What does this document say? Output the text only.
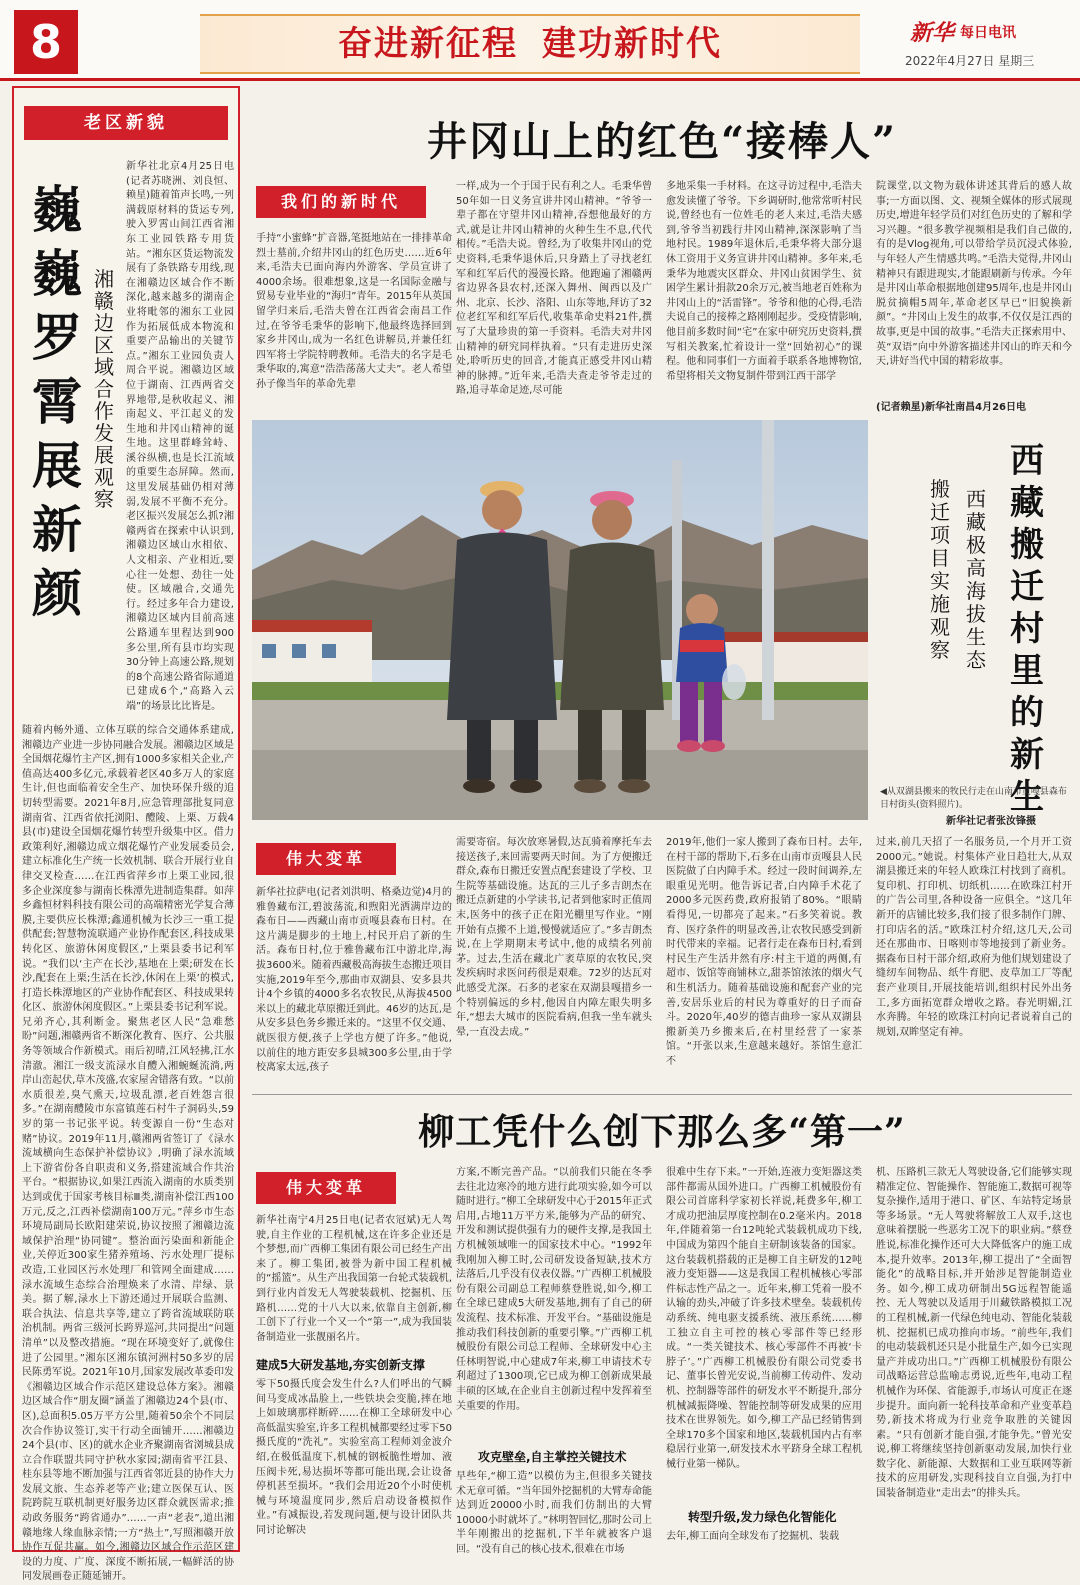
8	奋进新征程 建功新时代	新华 每日电讯
2022年4月27日 星期三
老区新貌
巍巍罗霄展新颜
湘赣边区域合作发展观察
新华社北京4月25日电(记者苏晓洲、刘良恒、赖星)随着笛声长鸣,一列满载原材料的货运专列,驶入罗霄山间江西省湘东工业园铁路专用货站。“湘东区货运物流发展有了条铁路专用线,现在湘赣边区域合作不断深化,越来越多的湖南企业将毗邻的湘东工业园作为拓展低成本物流和重要产品输出的关键节点。”湘东工业园负责人周合平说。湘赣边区域位于湖南、江西两省交界地带,是秋收起义、湘南起义、平江起义的发生地和井冈山精神的诞生地。这里群峰耸峙、溪谷纵横,也是长江流域的重要生态屏障。然而,这里发展基础仍相对薄弱,发展不平衡不充分。老区振兴发展怎么抓?湘赣两省在探索中认识到,湘赣边区域山水相依、人文相亲、产业相近,要心往一处想、劲往一处使。区域融合,交通先行。经过多年合力建设,湘赣边区域内目前高速公路通车里程达到900多公里,所有县市均实现30分钟上高速公路,规划的8个高速公路省际通道已建成6个,“高路入云端”的场景比比皆是。
随着内畅外通、立体互联的综合交通体系建成,湘赣边产业进一步协同融合发展。湘赣边区域是全国烟花爆竹主产区,拥有1000多家相关企业,产值高达400多亿元,承载着老区40多万人的家庭生计,但也面临着安全生产、加快环保升级的追切转型需要。2021年8月,应急管理部批复同意湖南省、江西省依托浏阳、醴陵、上栗、万载4县(市)建设全国烟花爆竹转型升级集中区。借力政策利好,湘赣边成立烟花爆竹产业发展委员会,建立标准化生产统一长效机制、联合开展行业自律交叉检查……在江西省萍乡市上栗工业园,很多企业深度参与湖南长株潭先进制造集群。如萍乡鑫恒材料科技有限公司的高端精密光学复合薄膜,主要供应长株潭;鑫通机械为长沙三一重工提供配套;智慧物流联通产业协作配套区,科技成果转化区、旅游休闲度假区,“上栗县委书记利军说。“我们以‘主产在长沙,基地在上栗;研发在长沙,配套在上栗;生活在长沙,休闲在上栗’的模式,打造长株潭地区的产业协作配套区、科技成果转化区、旅游休闲度假区。”上栗县委书记利军说。兄弟齐心,其利断金。聚焦老区人民“急难愁盼”问题,湘赣两省不断深化教育、医疗、公共服务等领域合作新模式。雨后初晴,江风轻拂,江水清澈。湘江一级支流渌水自醴入湘蜿蜒流淌,两岸山峦起伏,草木茂盛,农家屋舍错落有致。“以前水质很差,臭气熏天,垃圾乱漂,老百姓怨言很多。”在湖南醴陵市东富镇莲石村牛子洞码头,59岁的第一书记张平说。转变源自一份“生态对赌”协议。2019年11月,赣湘两省签订了《渌水流域横向生态保护补偿协议》,明确了渌水流域上下游省份各自职责和义务,搭建流域合作共治平台。“根据协议,如果江西流入湖南的水质类别达到或优于国家考核目标Ⅲ类,湖南补偿江西100万元,反之,江西补偿湖南100万元。”萍乡市生态环境局副局长欧阳建荣说,协议按照了湘赣边流域保护治理“协同键”。整治面污染面和新能企业,关停近300家生猪养殖场、污水处理厂提标改造,工业园区污水处理厂和管网全面建成……渌水流域生态综合治理焕来了水清、岸绿、景美。据了解,渌水上下游还通过开展联合监测、联合执法、信息共享等,建立了跨省流域联防联治机制。两省三级河长跨界巡河,共同提出“问题清单”以及整改措施。“现在环境变好了,就像住进了公园里。”湘东区湘东镇河洲村50多岁的居民陈勇军说。2021年10月,国家发展改革委印发《湘赣边区域合作示范区建设总体方案》。湘赣边区域合作“朋友圈”涵盖了湘赣边24个县(市、区),总面积5.05万平方公里,随着50余个不同层次合作协议签订,实干行动全面铺开……湘赣边24个县(市、区)的就水企业齐聚湖南省浏城县成立合作联盟共同守护秋水家园;湖南省平江县、桂东县等地不断加强与江西省邻近县的协作大力发展文旅、生态养老等产业;建立医保互认、医院跨院互联机制更好服务边区群众就医需求;推动政务服务“跨省通办”……一声“老表”,道出湘赣地缘人缘血脉亲情;一方“热土”,写照湘赣开放协作互促共赢。如今,湘赣边区域合作示范区建设的力度、广度、深度不断拓展,一幅鲜活的协同发展画卷正随延铺开。
井冈山上的红色“接棒人”
我们的新时代
手持“小蜜蜂”扩音器,笔挺地站在一排排革命烈士墓前,介绍井冈山的红色历史……近6年来,毛浩夫已面向海内外游客、学员宣讲了4000余场。很难想象,这是一名国际金融与贸易专业毕业的“海归”青年。2015年从英国留学归来后,毛浩夫曾在江西省会南昌工作过,在爷爷毛秉华的影响下,他最终选择回到家乡井冈山,成为一名红色讲解员,并兼任红四军将士学院特聘教师。毛浩夫的名字是毛秉华取的,寓意“浩浩荡荡大丈夫”。老人希望孙子像当年的革命先辈
一样,成为一个于国于民有利之人。毛秉华曾50年如一日义务宣讲井冈山精神。“爷爷一辈子都在守望井冈山精神,吞想他最好的方式,就是让井冈山精神的火种生生不息,代代相传。”毛浩夫说。曾经,为了收集井冈山的党史资料,毛秉华退休后,只身踏上了寻找老红军和红军后代的漫漫长路。他跑遍了湘赣两省边界各县农村,还深入舞州、闽西以及广州、北京、长沙、洛阳、山东等地,拜访了32位老红军和红军后代,收集革命史料21件,撰写了大量珍贵的第一手资料。毛浩夫对井冈山精神的研究同样执着。“只有走进历史深处,聆听历史的回音,才能真正感受井冈山精神的脉搏。”近年来,毛浩夫查走爷爷走过的路,追寻革命足迹,尽可能
多地采集一手材料。在这寻访过程中,毛浩夫愈发读懂了爷爷。下乡调研时,他常常听村民说,曾经也有一位姓毛的老人来过,毛浩夫感到,爷爷当初践行井冈山精神,深深影响了当地村民。1989年退休后,毛秉华将大部分退休工资用于义务宣讲井冈山精神。多年来,毛秉华为地震灾区群众、井冈山贫困学生、贫困学生累计捐款20余万元,被当地老百姓称为井冈山上的“活雷锋”。爷爷和他的心得,毛浩夫说自己的接棒之路刚刚起步。受疫情影响,他目前多数时间“宅”在家中研究历史资料,撰写相关教案,忙着设计一堂“回始初心”的课程。他和同事们一方面着手联系各地博物馆,希望将相关文物复制件带到江西干部学
院课堂,以文物为载体讲述其背后的感人故事;一方面以图、文、视频全媒体的形式展现历史,增进年轻学员们对红色历史的了解和学习兴趣。“很多教学视频相是我们自己做的,有的是Vlog视角,可以带给学员沉浸式体验,与年轻人产生情感共鸣。”毛浩夫觉得,井冈山精神只有跟进现实,才能跟刷新与传承。今年是井冈山革命根据地创建95周年,也是井冈山脱贫摘帽5周年,革命老区早已“旧貌换新颜”。“井冈山上发生的故事,不仅仅是江西的故事,更是中国的故事。”毛浩夫正探索用中、英“双语”向中外游客描述井冈山的昨天和今天,讲好当代中国的精彩故事。
(记者赖星)新华社南昌4月26日电
西藏搬迁村里的新生
西藏极高海拔生态
搬迁项目实施观察
◀从双湖县搬来的牧民行走在山南市贡嘎县森布日村街头(资料照片)。
新华社记者张汝锋摄
伟大变革
新华社拉萨电(记者刘洪明、格桑边觉)4月的雅鲁藏布江,碧波荡流,和煦阳光洒满岸边的森布日——西藏山南市贡嘎县森布日村。在这片满是脚步的土地上,村民开启了新的生活。森布日村,位于雅鲁藏布江中游北岸,海拔3600米。随着西藏极高海拔生态搬迁项目实施,2019年至今,那曲市双湖县、安多县共计4个乡镇的4000多名农牧民,从海拔4500米以上的藏北草原搬迁到此。46岁的达瓦,是从安多县色务乡搬迁来的。“这里不仅交通、就医很方便,孩子上学也方便了许多。”他说,以前住的地方距安多县城300多公里,由于学校离家太远,孩子
需要寄宿。每次放寒暑假,达瓦骑着摩托车去接送孩子,来回需要两天时间。为了方便搬迁群众,森布日搬迁安置点配套建设了学校、卫生院等基础设施。达瓦的三儿子多吉朗杰在搬迁点新建的小学读书,记者到他家时正值周末,医务中的孩子正在阳光棚里写作业。“刚开始有点搬不上道,慢慢就适应了。”多吉朗杰说,在上学期期末考试中,他的成绩名列前茅。过去,生活在藏北广袤草原的农牧民,突发疾病时求医问药很是艰难。72岁的达瓦对此感受尤深。石多的老家在双湖县嘎措乡一个特别偏远的乡村,他因自内障左眼失明多年,“想去大城市的医院看病,但我一坐车就头晕,一直没去成。”
2019年,他们一家人搬到了森布日村。去年,在村干部的帮助下,石多在山南市贡嘎县人民医院做了白内障手术。经过一段时间调养,左眼重见光明。他告诉记者,白内障手术花了2000多元医药费,政府报销了80%。“眼睛看得见,一切都亮了起来。”石多笑着说。教育、医疗条件的明显改善,让农牧民感受到新时代带来的幸福。记者行走在森布日村,看到村民生产生活井然有序:村主干道的两侧,有超市、饭馆等商铺林立,甜茶馆浓浓的烟火气和生机活力。随着基础设施和配套产业的完善,安居乐业后的村民为尊重好的日子而奋斗。2020年,40岁的德吉曲珍一家从双湖县搬新美乃乡搬来后,在村里经营了一家茶馆。“开张以来,生意越来越好。茶馆生意汇不
过来,前几天招了一名服务员,一个月开工资2000元。”她说。村集体产业日趋壮大,从双湖县搬迁来的年轻人欧珠江村找到了商机。复印机、打印机、切纸机……在欧珠江村开的广告公司里,各种设备一应俱全。“这几年新开的店铺比较多,我们接了很多制作门牌、打印店名的活。”欧珠江村介绍,这几天,公司还在那曲市、日喀则市等地接到了新业务。据森布日村干部介绍,政府为他们规划建设了缝纫车间物品、纸牛育肥、皮草加工厂等配套产业项目,开展技能培训,组织村民外出务工,多方面拓宽群众增收之路。春光明媚,江水奔腾。年轻的欧珠江村向记者说着自己的规划,双眸坚定有神。
柳工凭什么创下那么多“第一”
伟大变革
新华社南宁4月25日电(记者农冠斌)无人驾驶,自主作业的工程机械,这在许多企业还是个梦想,而广西柳工集团有限公司已经生产出来了。柳工集团,被誉为新中国工程机械的“摇篮”。从生产出我国第一台轮式装载机,到行业内首发无人驾驶装载机、挖掘机、压路机……党的十八大以来,依靠自主创新,柳工创下了行业一个又一个“第一”,成为我国装备制造业一张靓丽名片。
建成5大研发基地,夯实创新支撑
零下50摄氏度会发生什么?人们呼出的气瞬间马变成冰晶脸上,一些铁块会变脆,摔在地上如玻璃那样断碎……在柳工全球研发中心高低温实验室,许多工程机械都要经过零下50摄氏度的“洗礼”。实验室高工程师刘金波介绍,在极低温度下,机械的钢板脆性增加、液压阀卡死,易达损坏等都可能出现,会让设备停机甚至损坏。“我们会用近20个小时使机械与环境温度同步,然后启动设备模拟作业。”有减振设,若发现问题,便与设计团队共同讨论解决
方案,不断完善产品。“以前我们只能在冬季去往北边寒冷的地方进行此项实验,如今可以随时进行。”柳工全球研发中心于2015年正式启用,占地11万平方米,能够为产品的研究、开发和测试提供强有力的硬件支撑,是我国土方机械领域唯一的国家技术中心。“1992年我刚加入柳工时,公司研发设备短缺,技术方法落后,几乎没有仪表仪器。”广西柳工机械股份有限公司副总工程师蔡登胜说,如今,柳工在全球已建成5大研发基地,拥有了自己的研发流程、技术标准、开发平台。“基础设施是推动我们科技创新的重要引擎。”广西柳工机械股份有限公司总工程师、全球研发中心主任林明智说,中心建成7年来,柳工申请技术专利超过了1300项,它已成为柳工创新成果最丰硕的区域,在企业自主创新过程中发挥着至关重要的作用。
攻克壁垒,自主掌控关键技术
早些年,“柳工造”以模仿为主,但很多关键技术无章可循。“当年国外挖掘机的大臂寿命能达到近20000小时,而我们仿制出的大臂10000小时就坏了。”林明智回忆,那时公司上半年刚搬出的挖掘机,下半年就被客户退回。“没有自己的核心技术,很难在市场
很难中生存下来。”一开始,连液力变矩器这类部件都需从国外进口。广西柳工机械股份有限公司首席科学家初长祥说,耗费多年,柳工才成功把油层厚度控制在0.2毫米内。2018年,伴随着第一台12吨轮式装载机成功下线,中国成为第四个能自主研制该装备的国家。这台装载机搭载的正是柳工自主研发的12吨液力变矩器——这是我国工程机械核心零部件标志性产品之一。近年来,柳工凭着一股不认输的劲头,冲破了许多技术壁垒。装载机传动系统、纯电驱支援系统、液压系统……柳工独立自主可控的核心零部件等已经形成。“一类关键技术、核心零部件不再被‘卡脖子’。”广西柳工机械股份有限公司党委书记、董事长曾光安说,当前柳工传动件、发动机、控制器等部件的研发水平不断提升,部分机械减振降噪、智能控制等研发成果的应用技术在世界领先。如今,柳工产品已经销售到全球170多个国家和地区,装载机国内占有率稳居行业第一,研发技术水平跻身全球工程机械行业第一梯队。
转型升级,发力绿色化智能化
去年,柳工面向全球发布了挖掘机、装载
机、压路机三款无人驾驶设备,它们能够实现精准定位、智能操作、智能施工,数据可视等复杂操作,适用于港口、矿区、车站特定场景等多场景。“无人驾驶将解放工人双手,这也意味着摆脱一些恶劣工况下的职业病。”蔡登胜说,标准化操作还可大大降低客户的施工成本,提升效率。2013年,柳工提出了“全面智能化”的战略目标,并开始涉足智能制造业务。如今,柳工成功研制出5G远程智能遥控、无人驾驶以及适用于川藏铁路模拟工况的工程机械,新一代绿色纯电动、智能化装载机、挖掘机已成功推向市场。“前些年,我们的电动装载机还只是小批量生产,如今已实现量产并成功出口。”广西柳工机械股份有限公司战略运营总监喻志勇说,近些年,电动工程机械作为环保、省能源手,市场认可度正在逐步提升。面向新一轮科技革命和产业变革趋势,新技术将成为行业竞争取胜的关键因素。“只有创新才能自强,才能争先。”曾光安说,柳工将继续坚持创新驱动发展,加快行业数字化、新能源、大数据和工业互联网等新技术的应用研发,实现科技自立自强,为打中国装备制造业“走出去”的排头兵。
